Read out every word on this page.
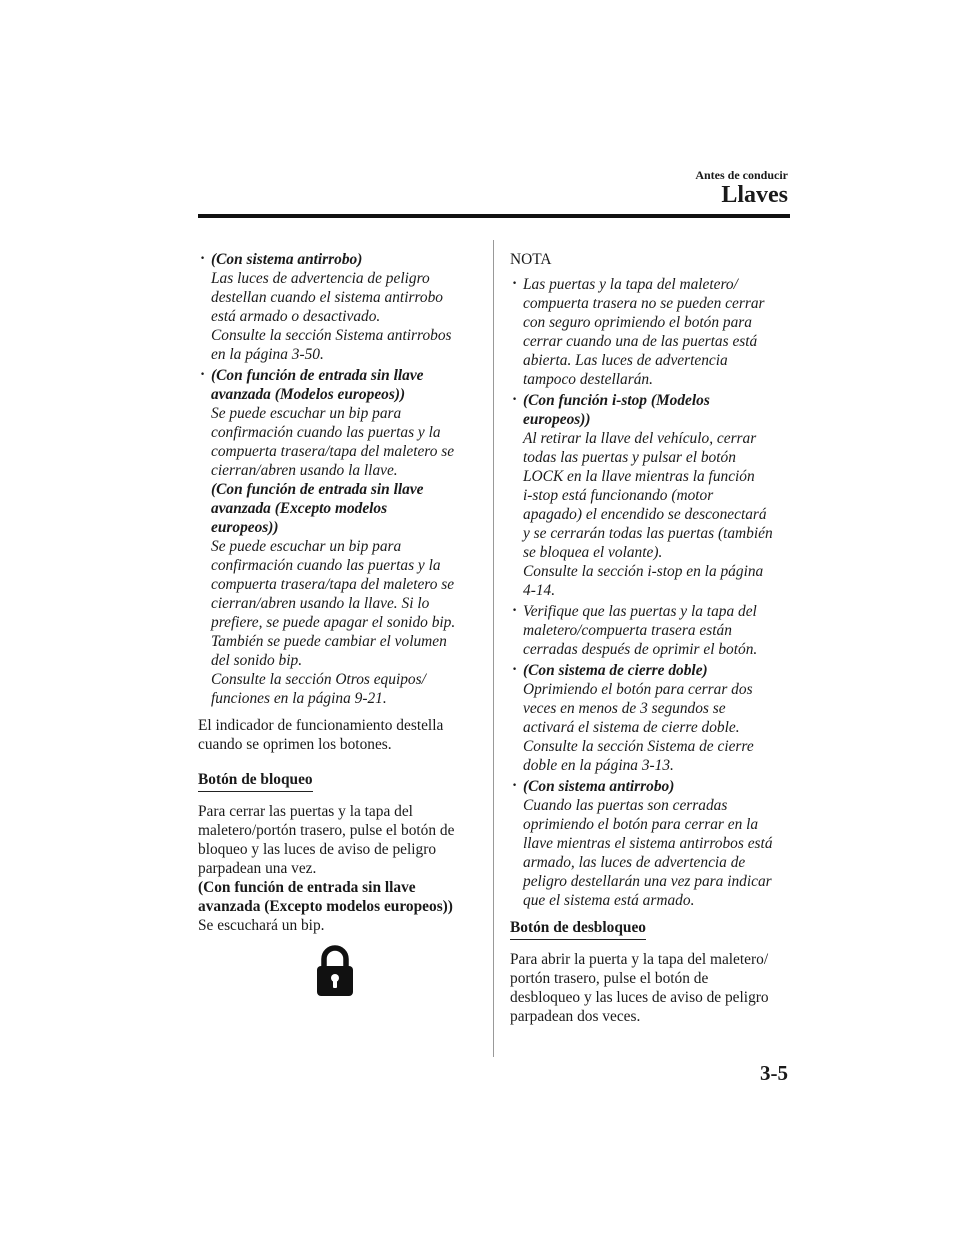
Antes de conducir
Llaves
· (Con sistema antirrobo)
Las luces de advertencia de peligro
destellan cuando el sistema antirrobo
está armado o desactivado.
Consulte la sección Sistema antirrobos
en la página 3-50.
· (Con función de entrada sin llave
avanzada (Modelos europeos))
Se puede escuchar un bip para
confirmación cuando las puertas y la
compuerta trasera/tapa del maletero se
cierran/abren usando la llave.
(Con función de entrada sin llave
avanzada (Excepto modelos europeos))
Se puede escuchar un bip para
confirmación cuando las puertas y la
compuerta trasera/tapa del maletero se
cierran/abren usando la llave. Si lo
prefiere, se puede apagar el sonido bip.
También se puede cambiar el volumen
del sonido bip.
Consulte la sección Otros equipos/
funciones en la página 9-21.
El indicador de funcionamiento destella
cuando se oprimen los botones.
Botón de bloqueo
Para cerrar las puertas y la tapa del
maletero/portón trasero, pulse el botón de
bloqueo y las luces de aviso de peligro
parpadean una vez.
(Con función de entrada sin llave
avanzada (Excepto modelos europeos))
Se escuchará un bip.
NOTA
· Las puertas y la tapa del maletero/
compuerta trasera no se pueden cerrar
con seguro oprimiendo el botón para
cerrar cuando una de las puertas está
abierta. Las luces de advertencia
tampoco destellarán.
· (Con función i-stop (Modelos
europeos))
Al retirar la llave del vehículo, cerrar
todas las puertas y pulsar el botón
LOCK en la llave mientras la función
i-stop está funcionando (motor
apagado) el encendido se desconectará
y se cerrarán todas las puertas (también
se bloquea el volante).
Consulte la sección i-stop en la página
4-14.
· Verifique que las puertas y la tapa del
maletero/compuerta trasera están
cerradas después de oprimir el botón.
· (Con sistema de cierre doble)
Oprimiendo el botón para cerrar dos
veces en menos de 3 segundos se
activará el sistema de cierre doble.
Consulte la sección Sistema de cierre
doble en la página 3-13.
· (Con sistema antirrobo)
Cuando las puertas son cerradas
oprimiendo el botón para cerrar en la
llave mientras el sistema antirrobos está
armado, las luces de advertencia de
peligro destellarán una vez para indicar
que el sistema está armado.
Botón de desbloqueo
Para abrir la puerta y la tapa del maletero/
portón trasero, pulse el botón de
desbloqueo y las luces de aviso de peligro
parpadean dos veces.
3-5
